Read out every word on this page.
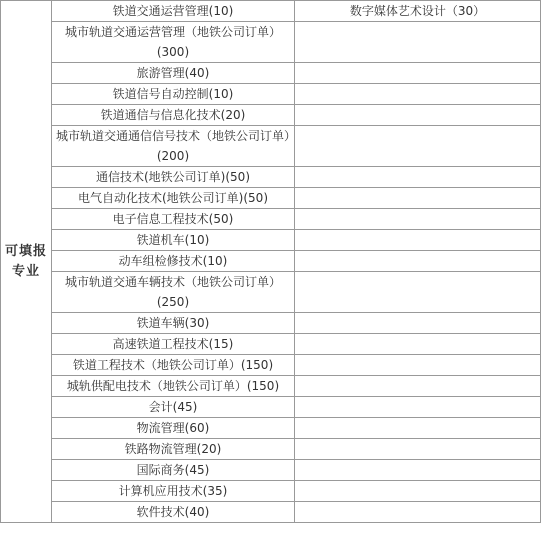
可填报专业	铁道交通运营管理(10)	数字媒体艺术设计（30）
	城市轨道交通运营管理（地铁公司订单）(300)	
	旅游管理(40)	
	铁道信号自动控制(10)	
	铁道通信与信息化技术(20)	
	城市轨道交通通信信号技术（地铁公司订单）(200)	
	通信技术(地铁公司订单)(50)	
	电气自动化技术(地铁公司订单)(50)	
	电子信息工程技术(50)	
	铁道机车(10)	
	动车组检修技术(10)	
	城市轨道交通车辆技术（地铁公司订单）(250)	
	铁道车辆(30)	
	高速铁道工程技术(15)	
	铁道工程技术（地铁公司订单）(150)	
	城轨供配电技术（地铁公司订单）(150)	
	会计(45)	
	物流管理(60)	
	铁路物流管理(20)	
	国际商务(45)	
	计算机应用技术(35)	
	软件技术(40)	
